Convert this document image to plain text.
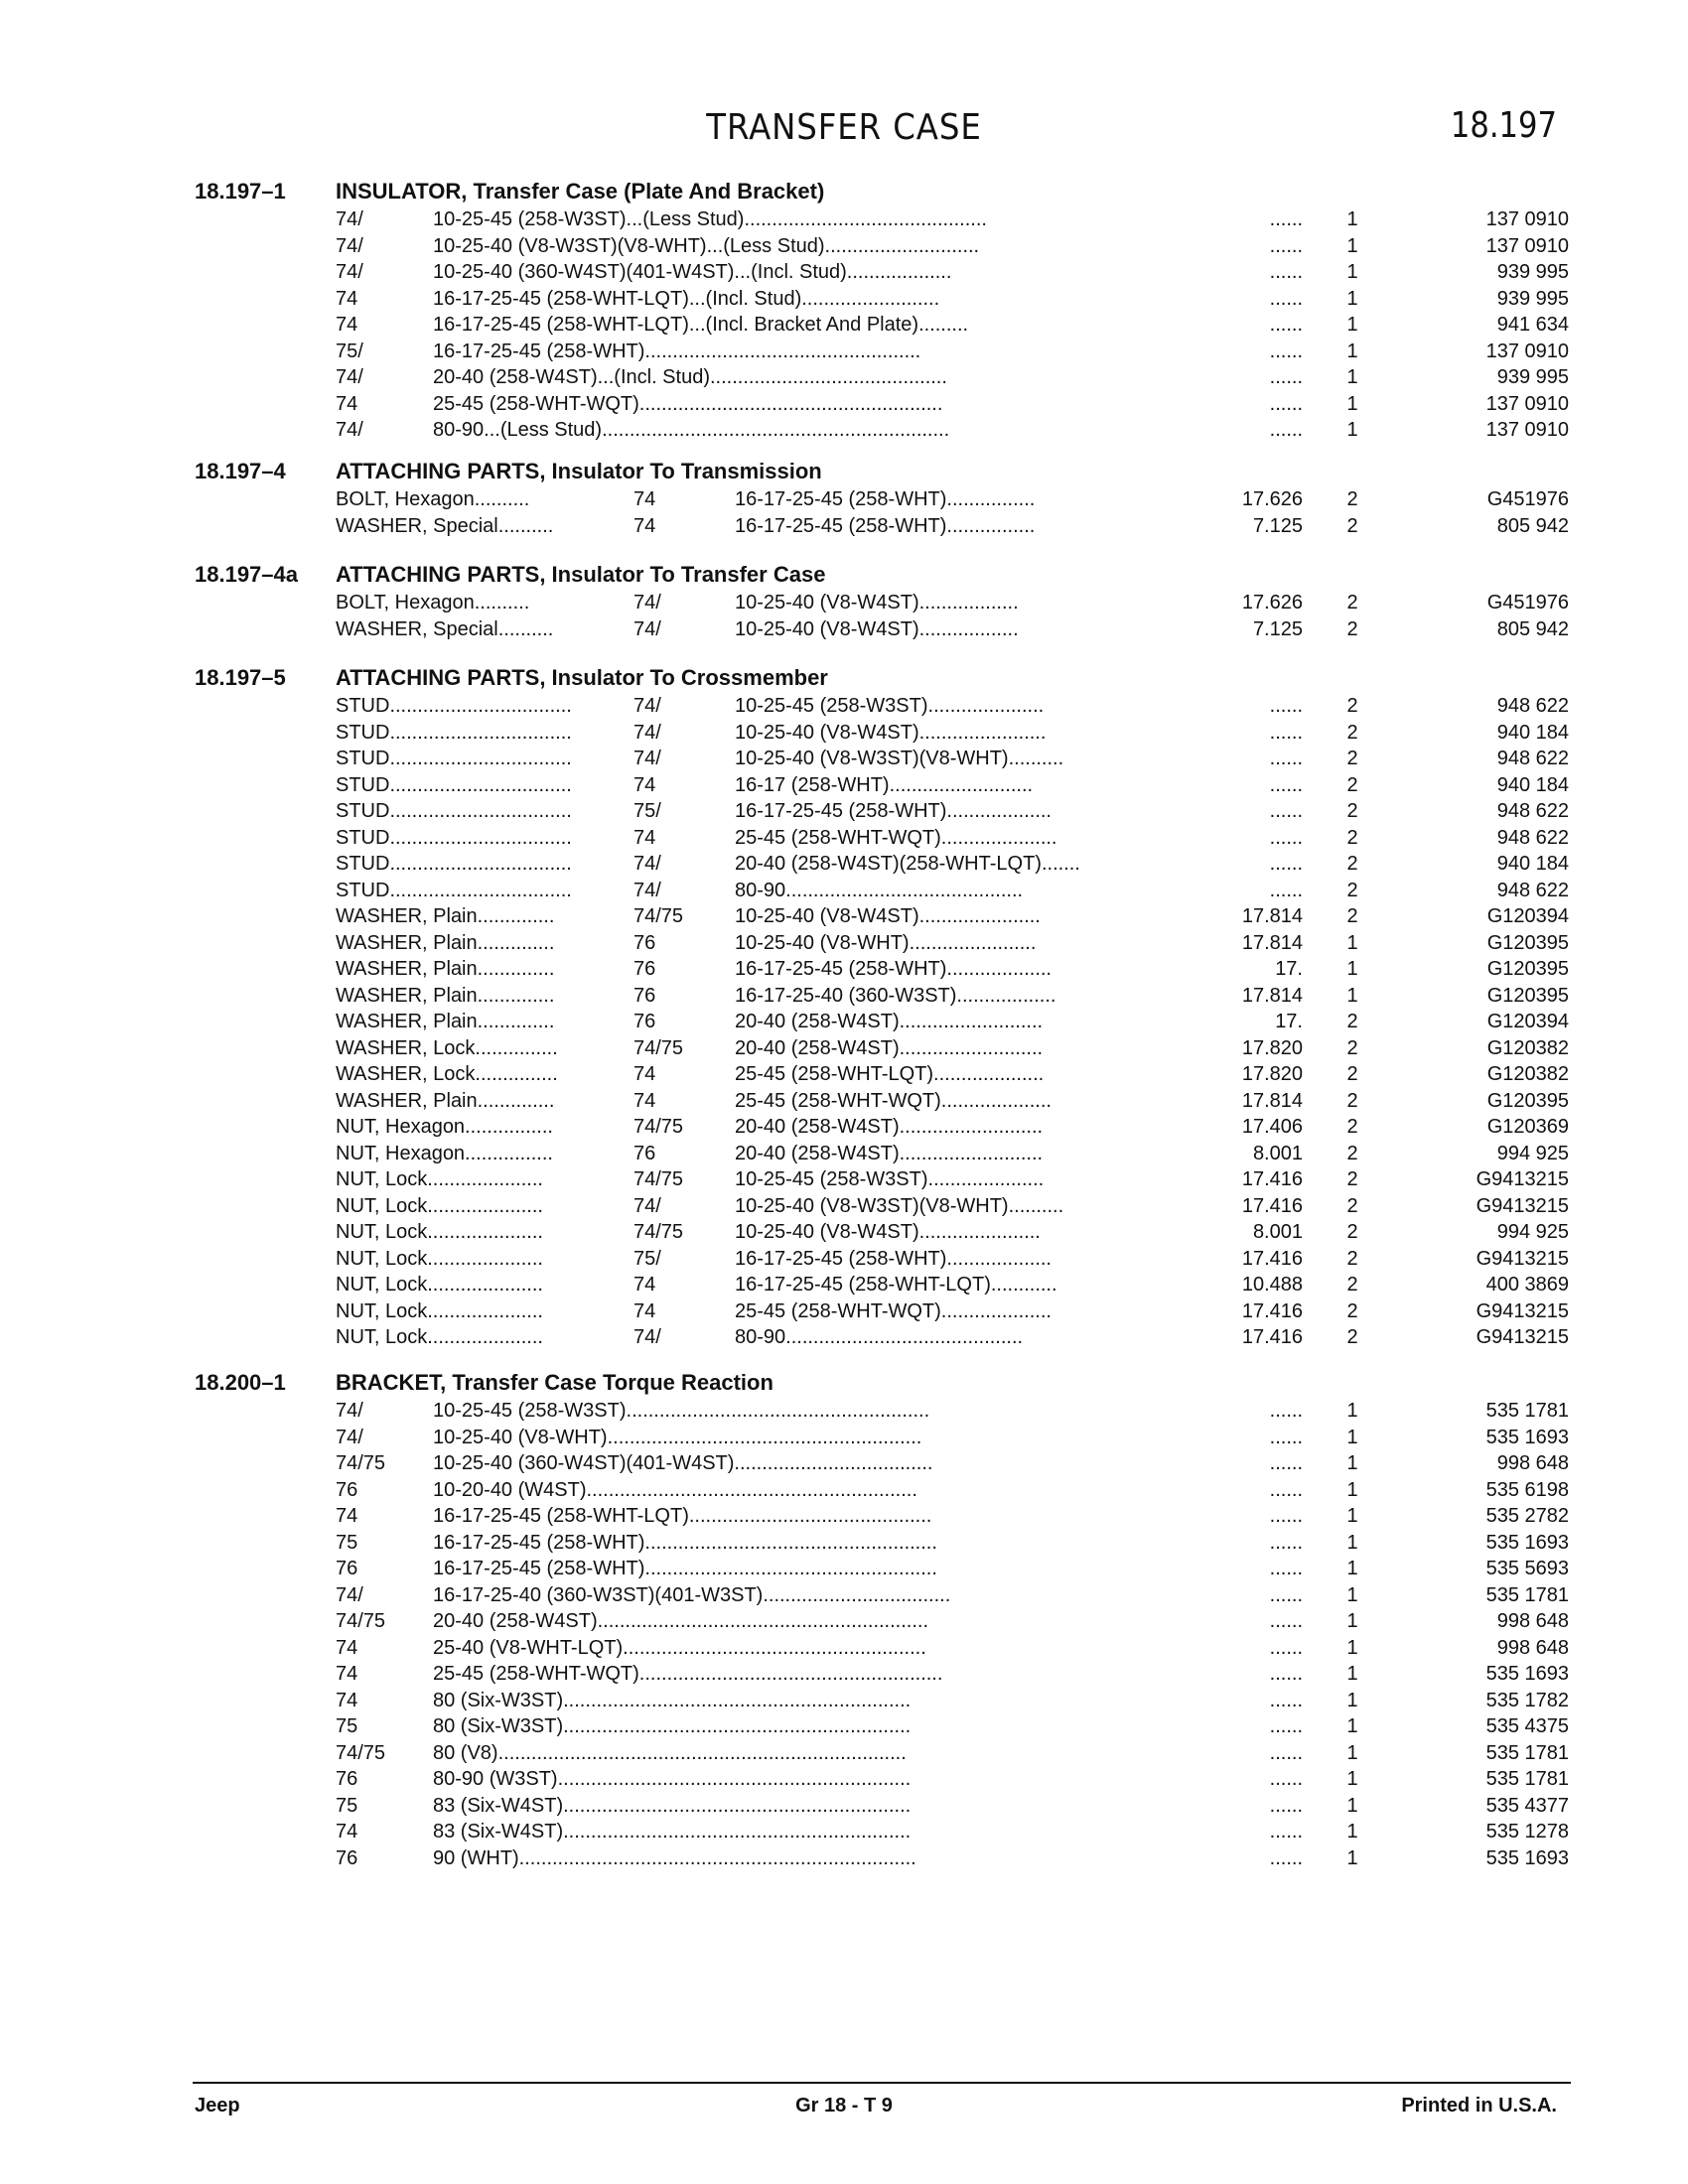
TRANSFER CASE	18.197
18.197–1 INSULATOR, Transfer Case (Plate And Bracket)
74/	10-25-45 (258-W3ST)...(Less Stud)............................................	......	1	137 0910
74/	10-25-40 (V8-W3ST)(V8-WHT)...(Less Stud)............................	......	1	137 0910
74/	10-25-40 (360-W4ST)(401-W4ST)...(Incl. Stud)...................	......	1	939 995
74	16-17-25-45 (258-WHT-LQT)...(Incl. Stud).........................	......	1	939 995
74	16-17-25-45 (258-WHT-LQT)...(Incl. Bracket And Plate).........	......	1	941 634
75/	16-17-25-45 (258-WHT)..................................................	......	1	137 0910
74/	20-40 (258-W4ST)...(Incl. Stud)...........................................	......	1	939 995
74	25-45 (258-WHT-WQT).......................................................	......	1	137 0910
74/	80-90...(Less Stud)...............................................................	......	1	137 0910
18.197–4 ATTACHING PARTS, Insulator To Transmission
BOLT, Hexagon..........	74	16-17-25-45 (258-WHT)................	17.626	2	G451976
WASHER, Special..........	74	16-17-25-45 (258-WHT)................	7.125	2	805 942
18.197–4a ATTACHING PARTS, Insulator To Transfer Case
BOLT, Hexagon..........	74/	10-25-40 (V8-W4ST)..................	17.626	2	G451976
WASHER, Special..........	74/	10-25-40 (V8-W4ST)..................	7.125	2	805 942
18.197–5 ATTACHING PARTS, Insulator To Crossmember
STUD.................................	74/	10-25-45 (258-W3ST).....................	......	2	948 622
STUD.................................	74/	10-25-40 (V8-W4ST).......................	......	2	940 184
STUD.................................	74/	10-25-40 (V8-W3ST)(V8-WHT)..........	......	2	948 622
STUD.................................	74	16-17 (258-WHT)..........................	......	2	940 184
STUD.................................	75/	16-17-25-45 (258-WHT)...................	......	2	948 622
STUD.................................	74	25-45 (258-WHT-WQT).....................	......	2	948 622
STUD.................................	74/	20-40 (258-W4ST)(258-WHT-LQT).......	......	2	940 184
STUD.................................	74/	80-90...........................................	......	2	948 622
WASHER, Plain..............	74/75	10-25-40 (V8-W4ST)......................	17.814	2	G120394
WASHER, Plain..............	76	10-25-40 (V8-WHT).......................	17.814	1	G120395
WASHER, Plain..............	76	16-17-25-45 (258-WHT)...................	17.	1	G120395
WASHER, Plain..............	76	16-17-25-40 (360-W3ST)..................	17.814	1	G120395
WASHER, Plain..............	76	20-40 (258-W4ST)..........................	17.	2	G120394
WASHER, Lock...............	74/75	20-40 (258-W4ST)..........................	17.820	2	G120382
WASHER, Lock...............	74	25-45 (258-WHT-LQT)....................	17.820	2	G120382
WASHER, Plain..............	74	25-45 (258-WHT-WQT)....................	17.814	2	G120395
NUT, Hexagon................	74/75	20-40 (258-W4ST)..........................	17.406	2	G120369
NUT, Hexagon................	76	20-40 (258-W4ST)..........................	8.001	2	994 925
NUT, Lock.....................	74/75	10-25-45 (258-W3ST).....................	17.416	2	G9413215
NUT, Lock.....................	74/	10-25-40 (V8-W3ST)(V8-WHT)..........	17.416	2	G9413215
NUT, Lock.....................	74/75	10-25-40 (V8-W4ST)......................	8.001	2	994 925
NUT, Lock.....................	75/	16-17-25-45 (258-WHT)...................	17.416	2	G9413215
NUT, Lock.....................	74	16-17-25-45 (258-WHT-LQT)............	10.488	2	400 3869
NUT, Lock.....................	74	25-45 (258-WHT-WQT)....................	17.416	2	G9413215
NUT, Lock.....................	74/	80-90...........................................	17.416	2	G9413215
18.200–1 BRACKET, Transfer Case Torque Reaction
74/	10-25-45 (258-W3ST).......................................................	......	1	535 1781
74/	10-25-40 (V8-WHT).........................................................	......	1	535 1693
74/75 10-25-40 (360-W4ST)(401-W4ST)....................................	......	1	998 648
76	10-20-40 (W4ST)............................................................	......	1	535 6198
74	16-17-25-45 (258-WHT-LQT)............................................	......	1	535 2782
75	16-17-25-45 (258-WHT).....................................................	......	1	535 1693
76	16-17-25-45 (258-WHT).....................................................	......	1	535 5693
74/	16-17-25-40 (360-W3ST)(401-W3ST)..................................	......	1	535 1781
74/75 20-40 (258-W4ST)............................................................	......	1	998 648
74	25-40 (V8-WHT-LQT).......................................................	......	1	998 648
74	25-45 (258-WHT-WQT).......................................................	......	1	535 1693
74	80 (Six-W3ST)...............................................................	......	1	535 1782
75	80 (Six-W3ST)...............................................................	......	1	535 4375
74/75 80 (V8)..........................................................................	......	1	535 1781
76	80-90 (W3ST)................................................................	......	1	535 1781
75	83 (Six-W4ST)...............................................................	......	1	535 4377
74	83 (Six-W4ST)...............................................................	......	1	535 1278
76	90 (WHT)........................................................................	......	1	535 1693
Jeep	Gr 18 - T 9	Printed in U.S.A.
